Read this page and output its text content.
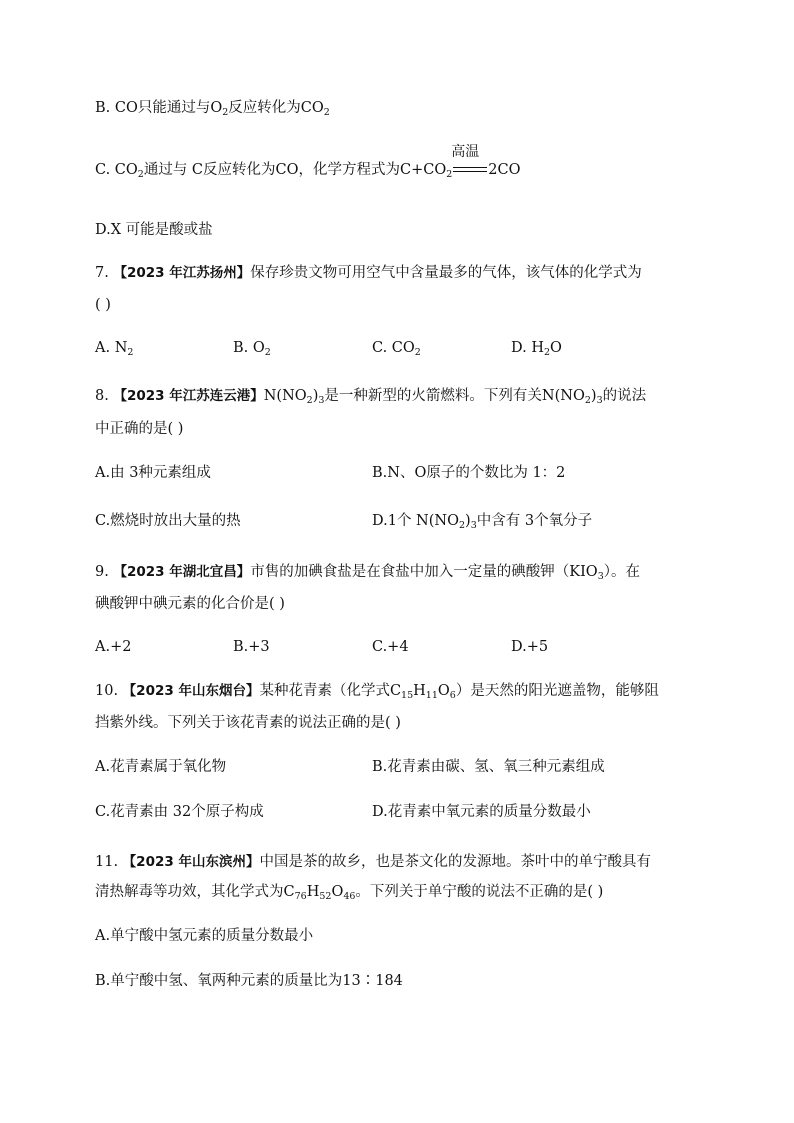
B. CO只能通过与$O_2$反应转化为$CO_2$
C. $CO_2$通过与 C反应转化为CO，化学方程式为$C+CO_2$
高温
2CO
D.X 可能是酸或盐
7. 【2023 年江苏扬州】保存珍贵文物可用空气中含量最多的气体，该气体的化学式为
( )
A. $N_2$	B. $O_2$	C. $CO_2$	D. $H_2O$
8. 【2023 年江苏连云港】$N(NO_2)_3$是一种新型的火箭燃料。下列有关$N(NO_2)_3$的说法
中正确的是( )
A.由 3种元素组成	B.N、O原子的个数比为 1：2
C.燃烧时放出大量的热	D.1个 $N(NO_2)_3$中含有 3个氧分子
9. 【2023 年湖北宜昌】市售的加碘食盐是在食盐中加入一定量的碘酸钾$(KIO_3)$。在
碘酸钾中碘元素的化合价是( )
A.+2	B.+3	C.+4	D.+5
10. 【2023 年山东烟台】某种花青素（化学式$C_{15}H_{11}O_6$）是天然的阳光遮盖物，能够阻
挡紫外线。下列关于该花青素的说法正确的是( )
A.花青素属于氧化物	B.花青素由碳、氢、氧三种元素组成
C.花青素由 32个原子构成	D.花青素中氧元素的质量分数最小
11. 【2023 年山东滨州】中国是茶的故乡，也是茶文化的发源地。茶叶中的单宁酸具有
清热解毒等功效，其化学式为$C_{76}H_{52}O_{46}$。下列关于单宁酸的说法不正确的是( )
A.单宁酸中氢元素的质量分数最小
B.单宁酸中氢、氧两种元素的质量比为13∶184
